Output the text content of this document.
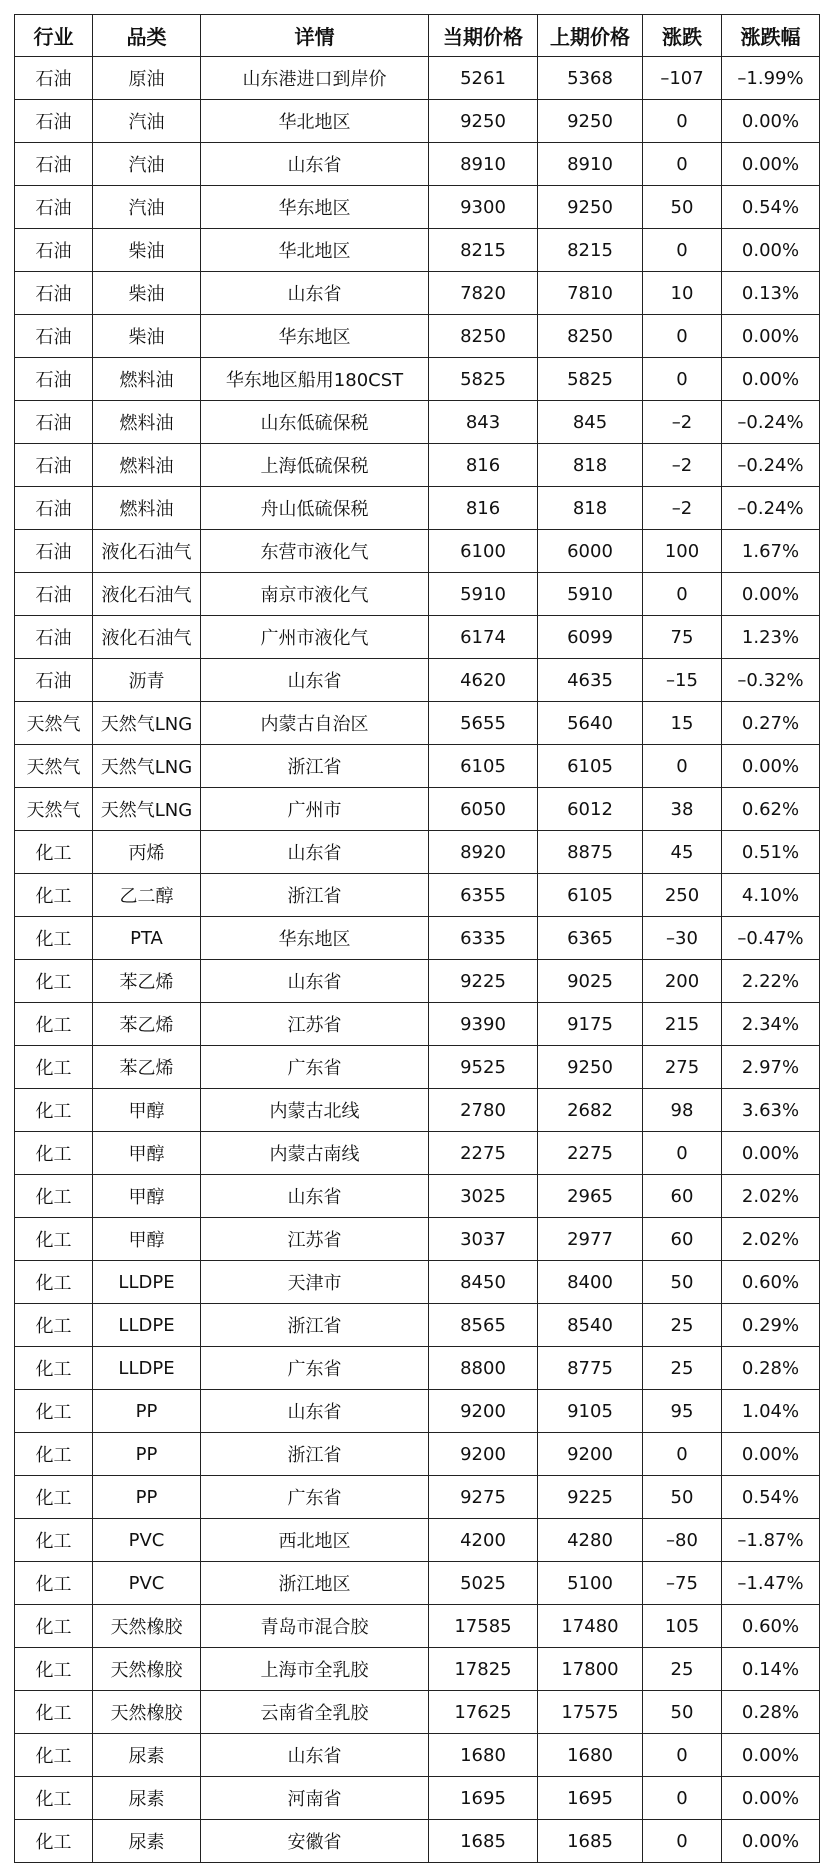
行业	品类	详情	当期价格	上期价格	涨跌	涨跌幅
石油	原油	山东港进口到岸价	5261	5368	–107	–1.99%
石油	汽油	华北地区	9250	9250	0	0.00%
石油	汽油	山东省	8910	8910	0	0.00%
石油	汽油	华东地区	9300	9250	50	0.54%
石油	柴油	华北地区	8215	8215	0	0.00%
石油	柴油	山东省	7820	7810	10	0.13%
石油	柴油	华东地区	8250	8250	0	0.00%
石油	燃料油	华东地区船用180CST	5825	5825	0	0.00%
石油	燃料油	山东低硫保税	843	845	–2	–0.24%
石油	燃料油	上海低硫保税	816	818	–2	–0.24%
石油	燃料油	舟山低硫保税	816	818	–2	–0.24%
石油	液化石油气	东营市液化气	6100	6000	100	1.67%
石油	液化石油气	南京市液化气	5910	5910	0	0.00%
石油	液化石油气	广州市液化气	6174	6099	75	1.23%
石油	沥青	山东省	4620	4635	–15	–0.32%
天然气	天然气LNG	内蒙古自治区	5655	5640	15	0.27%
天然气	天然气LNG	浙江省	6105	6105	0	0.00%
天然气	天然气LNG	广州市	6050	6012	38	0.62%
化工	丙烯	山东省	8920	8875	45	0.51%
化工	乙二醇	浙江省	6355	6105	250	4.10%
化工	PTA	华东地区	6335	6365	–30	–0.47%
化工	苯乙烯	山东省	9225	9025	200	2.22%
化工	苯乙烯	江苏省	9390	9175	215	2.34%
化工	苯乙烯	广东省	9525	9250	275	2.97%
化工	甲醇	内蒙古北线	2780	2682	98	3.63%
化工	甲醇	内蒙古南线	2275	2275	0	0.00%
化工	甲醇	山东省	3025	2965	60	2.02%
化工	甲醇	江苏省	3037	2977	60	2.02%
化工	LLDPE	天津市	8450	8400	50	0.60%
化工	LLDPE	浙江省	8565	8540	25	0.29%
化工	LLDPE	广东省	8800	8775	25	0.28%
化工	PP	山东省	9200	9105	95	1.04%
化工	PP	浙江省	9200	9200	0	0.00%
化工	PP	广东省	9275	9225	50	0.54%
化工	PVC	西北地区	4200	4280	–80	–1.87%
化工	PVC	浙江地区	5025	5100	–75	–1.47%
化工	天然橡胶	青岛市混合胶	17585	17480	105	0.60%
化工	天然橡胶	上海市全乳胶	17825	17800	25	0.14%
化工	天然橡胶	云南省全乳胶	17625	17575	50	0.28%
化工	尿素	山东省	1680	1680	0	0.00%
化工	尿素	河南省	1695	1695	0	0.00%
化工	尿素	安徽省	1685	1685	0	0.00%
